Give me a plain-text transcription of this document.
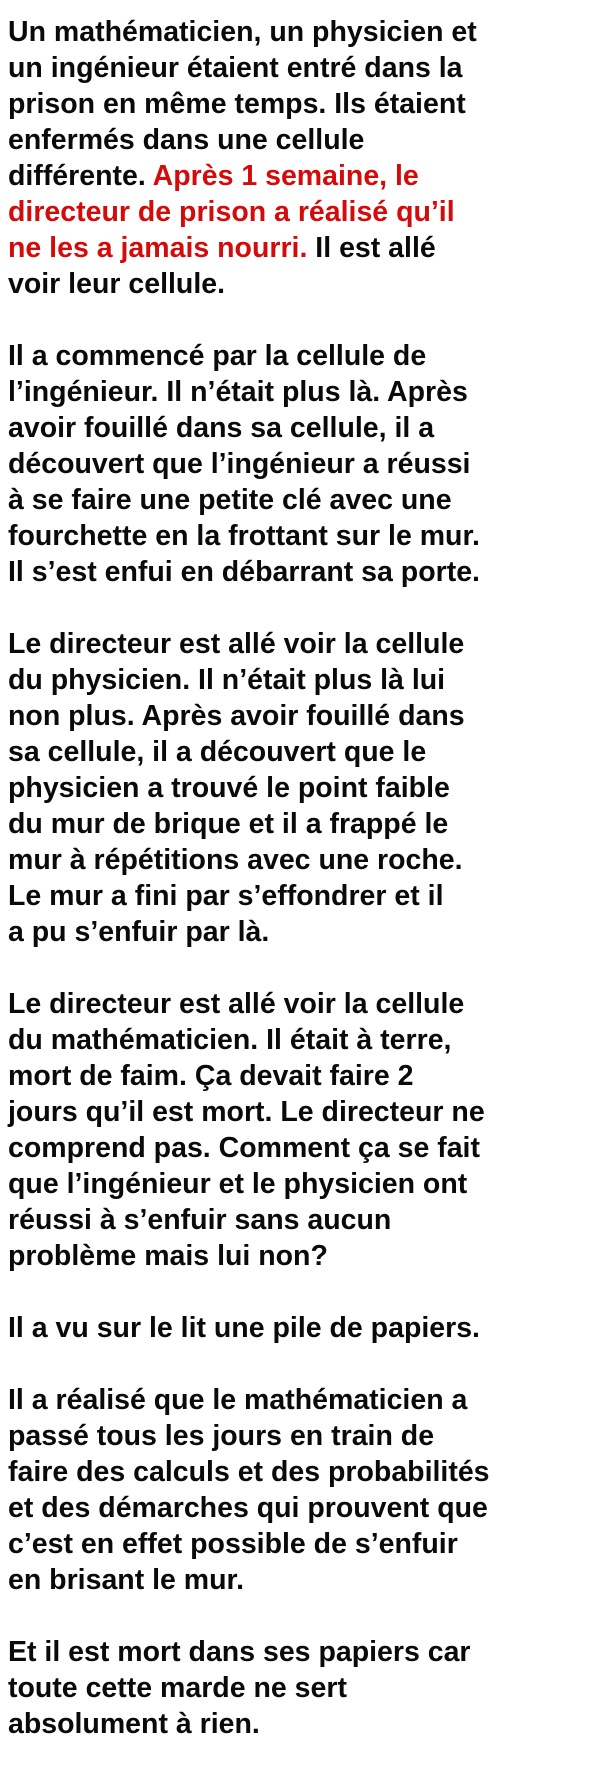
Un mathématicien, un physicien et
un ingénieur étaient entré dans la
prison en même temps. Ils étaient
enfermés dans une cellule
différente. Après 1 semaine, le
directeur de prison a réalisé qu’il
ne les a jamais nourri. Il est allé
voir leur cellule.
Il a commencé par la cellule de
l’ingénieur. Il n’était plus là. Après
avoir fouillé dans sa cellule, il a
découvert que l’ingénieur a réussi
à se faire une petite clé avec une
fourchette en la frottant sur le mur.
Il s’est enfui en débarrant sa porte.
Le directeur est allé voir la cellule
du physicien. Il n’était plus là lui
non plus. Après avoir fouillé dans
sa cellule, il a découvert que le
physicien a trouvé le point faible
du mur de brique et il a frappé le
mur à répétitions avec une roche.
Le mur a fini par s’effondrer et il
a pu s’enfuir par là.
Le directeur est allé voir la cellule
du mathématicien. Il était à terre,
mort de faim. Ça devait faire 2
jours qu’il est mort. Le directeur ne
comprend pas. Comment ça se fait
que l’ingénieur et le physicien ont
réussi à s’enfuir sans aucun
problème mais lui non?
Il a vu sur le lit une pile de papiers.
Il a réalisé que le mathématicien a
passé tous les jours en train de
faire des calculs et des probabilités
et des démarches qui prouvent que
c’est en effet possible de s’enfuir
en brisant le mur.
Et il est mort dans ses papiers car
toute cette marde ne sert
absolument à rien.
